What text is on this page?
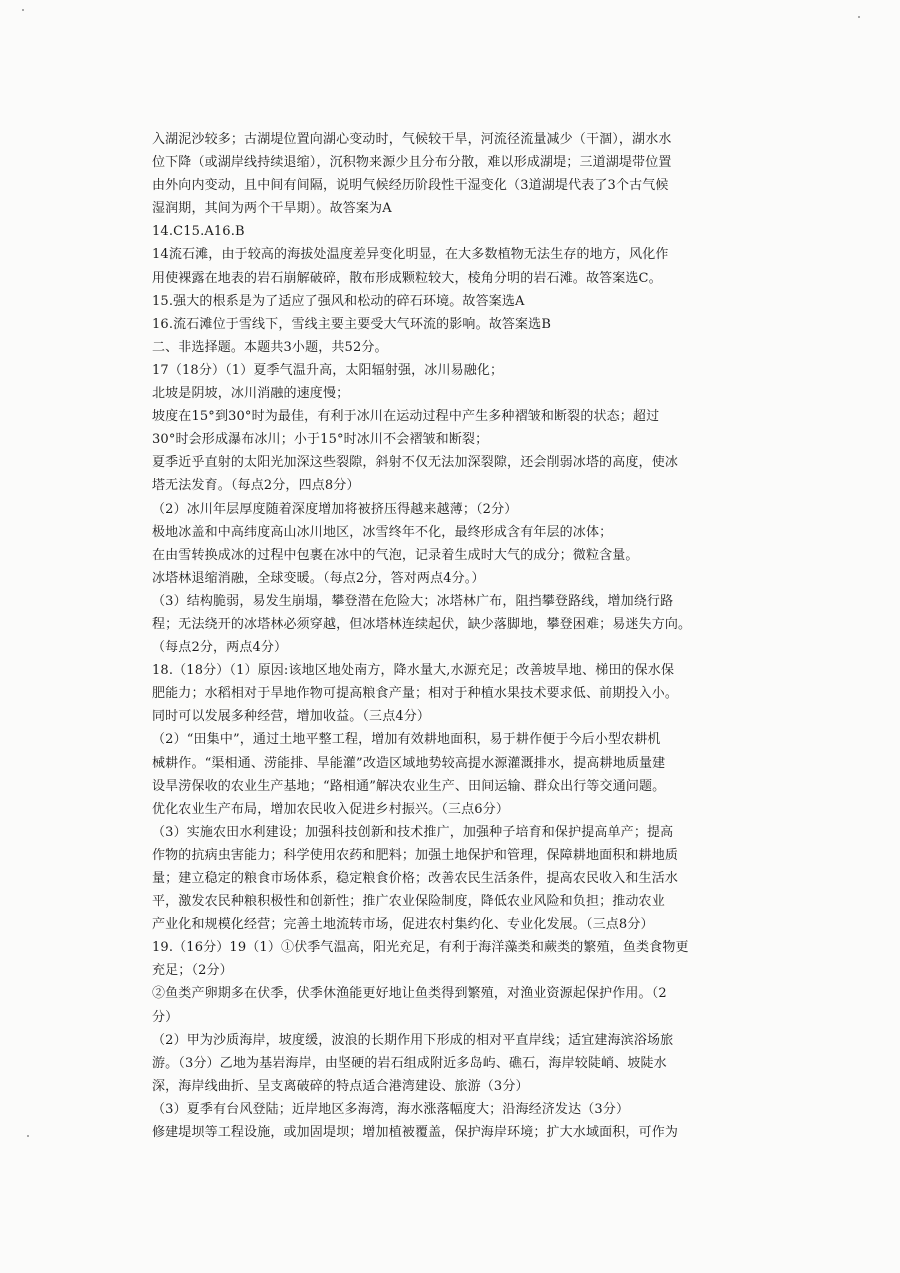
入湖泥沙较多；古湖堤位置向湖心变动时，气候较干旱，河流径流量减少（干涸），湖水水
位下降（或湖岸线持续退缩），沉积物来源少且分布分散，难以形成湖堤；三道湖堤带位置
由外向内变动，且中间有间隔，说明气候经历阶段性干湿变化（3道湖堤代表了3个古气候
湿润期，其间为两个干旱期）。故答案为A
14.C15.A16.B
14流石滩，由于较高的海拔处温度差异变化明显，在大多数植物无法生存的地方，风化作
用使裸露在地表的岩石崩解破碎，散布形成颗粒较大，棱角分明的岩石滩。故答案选C。
15.强大的根系是为了适应了强风和松动的碎石环境。故答案选A
16.流石滩位于雪线下，雪线主要主要受大气环流的影响。故答案选B
二、非选择题。本题共3小题，共52分。
17（18分）（1）夏季气温升高，太阳辐射强，冰川易融化；
北坡是阴坡，冰川消融的速度慢；
坡度在15°到30°时为最佳，有利于冰川在运动过程中产生多种褶皱和断裂的状态；超过
30°时会形成瀑布冰川；小于15°时冰川不会褶皱和断裂；
夏季近乎直射的太阳光加深这些裂隙，斜射不仅无法加深裂隙，还会削弱冰塔的高度，使冰
塔无法发育。（每点2分，四点8分）
（2）冰川年层厚度随着深度增加将被挤压得越来越薄；（2分）
极地冰盖和中高纬度高山冰川地区，冰雪终年不化，最终形成含有年层的冰体；
在由雪转换成冰的过程中包裹在冰中的气泡，记录着生成时大气的成分；微粒含量。
冰塔林退缩消融，全球变暖。（每点2分，答对两点4分。）
（3）结构脆弱，易发生崩塌，攀登潜在危险大；冰塔林广布，阻挡攀登路线，增加绕行路
程；无法绕开的冰塔林必须穿越，但冰塔林连续起伏，缺少落脚地，攀登困难；易迷失方向。
（每点2分，两点4分）
18.（18分）（1）原因:该地区地处南方，降水量大,水源充足；改善坡旱地、梯田的保水保
肥能力；水稻相对于旱地作物可提高粮食产量；相对于种植水果技术要求低、前期投入小。
同时可以发展多种经营，增加收益。（三点4分）
（2）“田集中”，通过土地平整工程，增加有效耕地面积，易于耕作便于今后小型农耕机
械耕作。“渠相通、涝能排、旱能灌”改造区域地势较高提水源灌溉排水，提高耕地质量建
设旱涝保收的农业生产基地；“路相通”解决农业生产、田间运输、群众出行等交通问题。
优化农业生产布局，增加农民收入促进乡村振兴。（三点6分）
（3）实施农田水利建设；加强科技创新和技术推广，加强种子培育和保护提高单产；提高
作物的抗病虫害能力；科学使用农药和肥料；加强土地保护和管理，保障耕地面积和耕地质
量；建立稳定的粮食市场体系，稳定粮食价格；改善农民生活条件，提高农民收入和生活水
平，激发农民种粮积极性和创新性；推广农业保险制度，降低农业风险和负担；推动农业
产业化和规模化经营；完善土地流转市场，促进农村集约化、专业化发展。（三点8分）
19.（16分）19（1）①伏季气温高，阳光充足，有利于海洋藻类和蕨类的繁殖，鱼类食物更
充足；（2分）
②鱼类产卵期多在伏季，伏季休渔能更好地让鱼类得到繁殖，对渔业资源起保护作用。（2
分）
（2）甲为沙质海岸，坡度缓，波浪的长期作用下形成的相对平直岸线；适宜建海滨浴场旅
游。（3分）乙地为基岩海岸，由坚硬的岩石组成附近多岛屿、礁石，海岸较陡峭、坡陡水
深，海岸线曲折、呈支离破碎的特点适合港湾建设、旅游（3分）
（3）夏季有台风登陆；近岸地区多海湾，海水涨落幅度大；沿海经济发达（3分）
修建堤坝等工程设施，或加固堤坝；增加植被覆盖，保护海岸环境；扩大水域面积，可作为
